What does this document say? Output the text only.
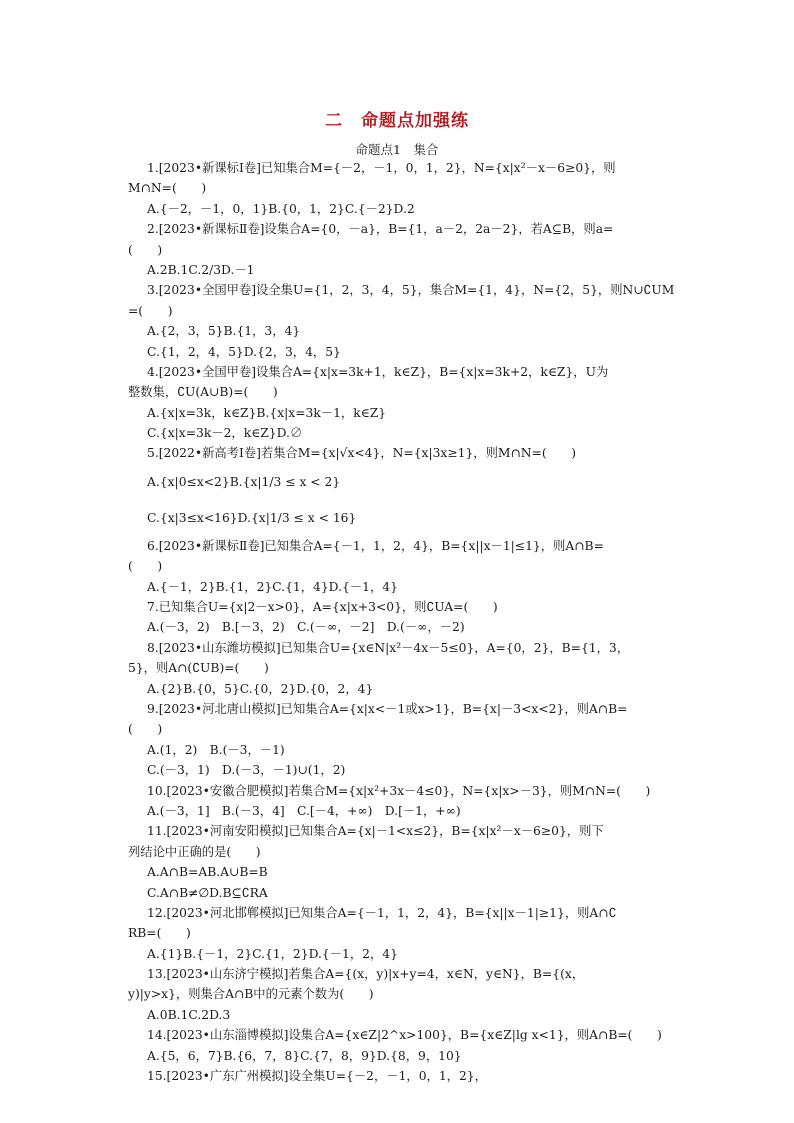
二　命题点加强练
命题点1　集合
1.[2023•新课标Ⅰ卷]已知集合M={－2，－1，0，1，2}，N={x|x²－x－6≥0}，则
M∩N=(　　)
A.{－2，－1，0，1}B.{0，1，2}C.{－2}D.2
2.[2023•新课标Ⅱ卷]设集合A={0，－a}，B={1，a－2，2a－2}，若A⊆B，则a=
(　　)
A.2B.1C.2/3D.－1
3.[2023•全国甲卷]设全集U={1，2，3，4，5}，集合M={1，4}，N={2，5}，则N∪∁UM
=(　　)
A.{2，3，5}B.{1，3，4}
C.{1，2，4，5}D.{2，3，4，5}
4.[2023•全国甲卷]设集合A={x|x=3k+1，k∈Z}，B={x|x=3k+2，k∈Z}，U为
整数集，∁U(A∪B)=(　　)
A.{x|x=3k，k∈Z}B.{x|x=3k－1，k∈Z}
C.{x|x=3k－2，k∈Z}D.∅
5.[2022•新高考Ⅰ卷]若集合M={x|√x<4}，N={x|3x≥1}，则M∩N=(　　)
A.{x|0≤x<2}B.{x|1/3 ≤ x < 2}
C.{x|3≤x<16}D.{x|1/3 ≤ x < 16}
6.[2023•新课标Ⅱ卷]已知集合A={－1，1，2，4}，B={x||x－1|≤1}，则A∩B=
(　　)
A.{－1，2}B.{1，2}C.{1，4}D.{－1，4}
7.已知集合U={x|2－x>0}，A={x|x+3<0}，则∁UA=(　　)
A.(－3，2)　B.[－3，2)　C.(－∞，－2]　D.(－∞，－2)
8.[2023•山东潍坊模拟]已知集合U={x∈N|x²－4x－5≤0}，A={0，2}，B={1，3，
5}，则A∩(∁UB)=(　　)
A.{2}B.{0，5}C.{0，2}D.{0，2，4}
9.[2023•河北唐山模拟]已知集合A={x|x<－1或x>1}，B={x|－3<x<2}，则A∩B=
(　　)
A.(1，2)　B.(－3，－1)
C.(－3，1)　D.(－3，－1)∪(1，2)
10.[2023•安徽合肥模拟]若集合M={x|x²+3x－4≤0}，N={x|x>－3}，则M∩N=(　　)
A.(－3，1]　B.(－3，4]　C.[－4，+∞)　D.[－1，+∞)
11.[2023•河南安阳模拟]已知集合A={x|－1<x≤2}，B={x|x²－x－6≥0}，则下
列结论中正确的是(　　)
A.A∩B=AB.A∪B=B
C.A∩B≠∅D.B⊆∁RA
12.[2023•河北邯郸模拟]已知集合A={－1，1，2，4}，B={x||x－1|≥1}，则A∩∁
RB=(　　)
A.{1}B.{－1，2}C.{1，2}D.{－1，2，4}
13.[2023•山东济宁模拟]若集合A={(x，y)|x+y=4，x∈N，y∈N}，B={(x，
y)|y>x}，则集合A∩B中的元素个数为(　　)
A.0B.1C.2D.3
14.[2023•山东淄博模拟]设集合A={x∈Z|2^x>100}，B={x∈Z|lg x<1}，则A∩B=(　　)
A.{5，6，7}B.{6，7，8}C.{7，8，9}D.{8，9，10}
15.[2023•广东广州模拟]设全集U={－2，－1，0，1，2}，
